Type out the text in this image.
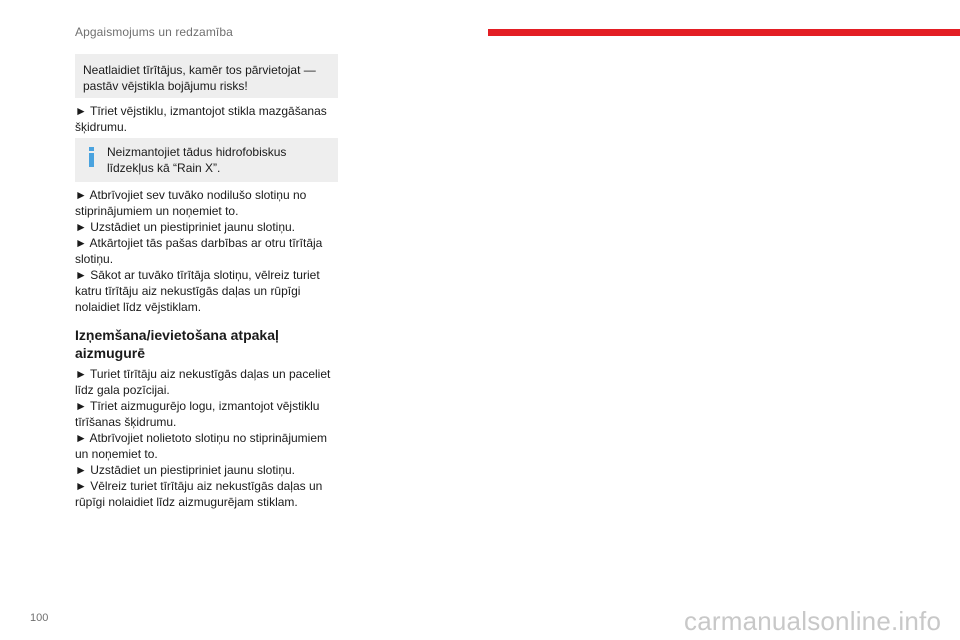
Apgaismojums un redzamība
Neatlaidiet tīrītājus, kamēr tos pārvietojat —
pastāv vējstikla bojājumu risks!
► Tīriet vējstiklu, izmantojot stikla mazgāšanas
šķidrumu.
Neizmantojiet tādus hidrofobiskus
līdzekļus kā “Rain X”.
► Atbrīvojiet sev tuvāko nodilušo slotiņu no
stiprinājumiem un noņemiet to.
► Uzstādiet un piestipriniet jaunu slotiņu.
► Atkārtojiet tās pašas darbības ar otru tīrītāja
slotiņu.
► Sākot ar tuvāko tīrītāja slotiņu, vēlreiz turiet
katru tīrītāju aiz nekustīgās daļas un rūpīgi
nolaidiet līdz vējstiklam.
Izņemšana/ievietošana atpakaļ
aizmugurē
► Turiet tīrītāju aiz nekustīgās daļas un paceliet
līdz gala pozīcijai.
► Tīriet aizmugurējo logu, izmantojot vējstiklu
tīrīšanas šķidrumu.
► Atbrīvojiet nolietoto slotiņu no stiprinājumiem
un noņemiet to.
► Uzstādiet un piestipriniet jaunu slotiņu.
► Vēlreiz turiet tīrītāju aiz nekustīgās daļas un
rūpīgi nolaidiet līdz aizmugurējam stiklam.
100	carmanualsonline.info
